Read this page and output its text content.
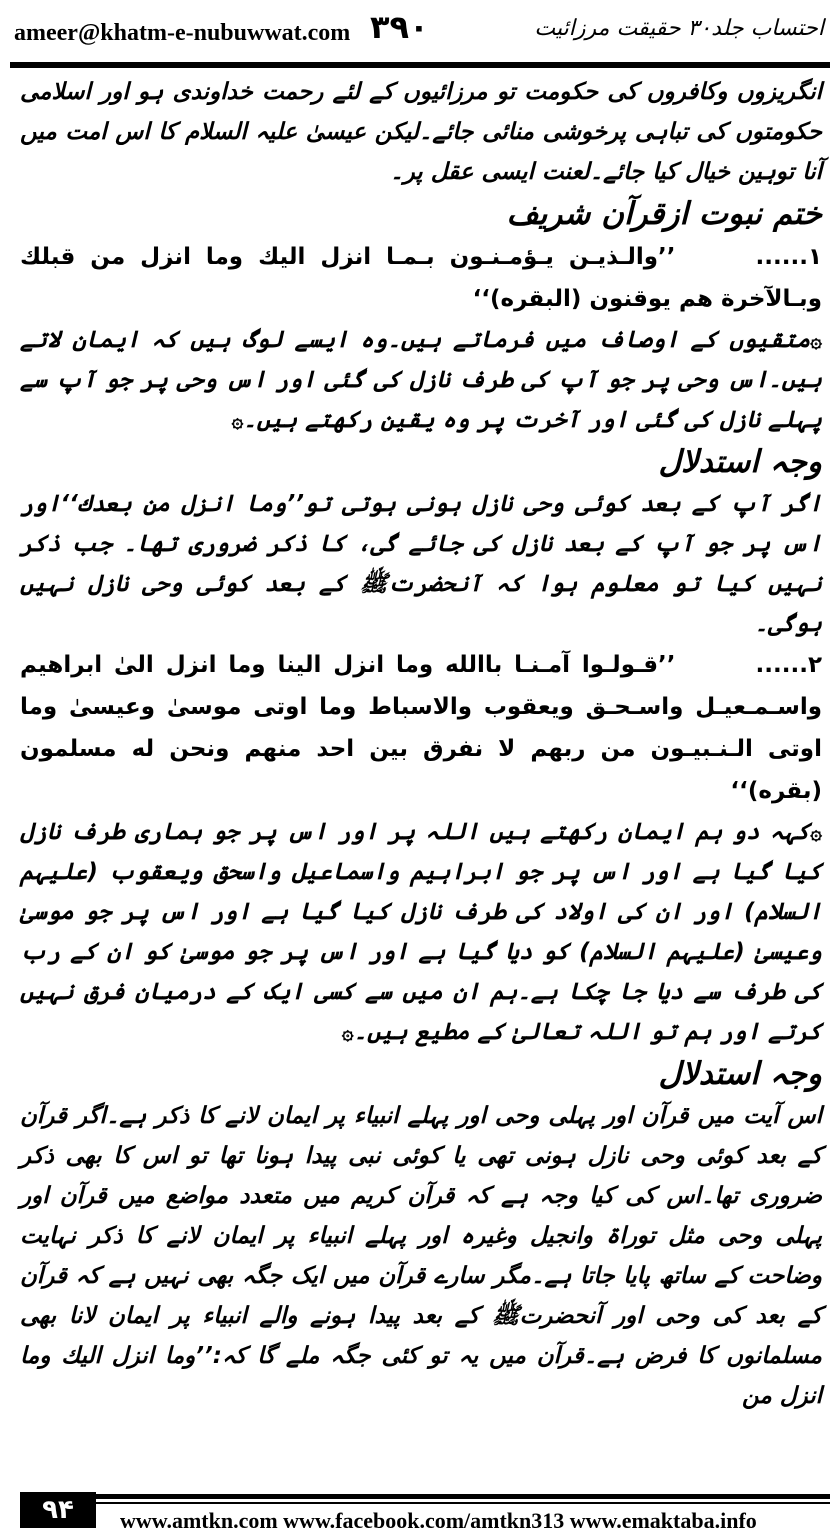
ameer@khatm-e-nubuwwat.com ۳۹۰	احتساب جلد۳۰ حقیقت مرزائیت

انگریزوں وکافروں کی حکومت تو مرزائیوں کے لئے رحمت خداوندی ہو اور اسلامی حکومتوں کی تباہی پرخوشی منائی جائے۔لیکن عیسیٰ علیہ السلام کا اس امت میں آنا توہین خیال کیا جائے۔لعنت ایسی عقل پر۔

ختم نبوت ازقرآن شریف

۱......’’والـذيـن يـؤمـنـون بـمـا انزل اليك وما انزل من قبلك وبـالآخرة هم يوقنون (البقره)‘‘

۞متقیوں کے اوصاف میں فرماتے ہیں۔وہ ایسے لوگ ہیں کہ ایمان لاتے ہیں۔اس وحی پر جو آپ کی طرف نازل کی گئی اور اس وحی پر جو آپ سے پہلے نازل کی گئی اور آخرت پر وہ یقین رکھتے ہیں۔۞

وجہ استدلال

اگر آپ کے بعد کوئی وحی نازل ہونی ہوتی تو’’وما انزل من بعدك‘‘اور اس پر جو آپ کے بعد نازل کی جائے گی، کا ذکر ضروری تھا۔ جب ذکر نہیں کیا تو معلوم ہوا کہ آنحضرتﷺ کے بعد کوئی وحی نازل نہیں ہوگی۔

۲......’’قـولـوا آمـنـا باالله وما انزل الينا وما انزل الىٰ ابراهيم واسـمـعيـل واسـحـق ويعقوب والاسباط وما اوتى موسىٰ وعيسىٰ وما اوتى الـنـبيـون من ربهم لا نفرق بين احد منهم ونحن له مسلمون (بقره)‘‘

۞کہہ دو ہم ایمان رکھتے ہیں اللہ پر اور اس پر جو ہماری طرف نازل کیا گیا ہے اور اس پر جو ابراہیم واسماعیل واسحق ویعقوب (علیہم السلام) اور ان کی اولاد کی طرف نازل کیا گیا ہے اور اس پر جو موسیٰ وعیسیٰ (علیہم السلام) کو دیا گیا ہے اور اس پر جو موسیٰ کو ان کے رب کی طرف سے دیا جا چکا ہے۔ہم ان میں سے کسی ایک کے درمیان فرق نہیں کرتے اور ہم تو اللہ تعالیٰ کے مطیع ہیں۔۞

وجہ استدلال

اس آیت میں قرآن اور پہلی وحی اور پہلے انبیاء پر ایمان لانے کا ذکر ہے۔اگر قرآن کے بعد کوئی وحی نازل ہونی تھی یا کوئی نبی پیدا ہونا تھا تو اس کا بھی ذکر ضروری تھا۔اس کی کیا وجہ ہے کہ قرآن کریم میں متعدد مواضع میں قرآن اور پہلی وحی مثل توراۃ وانجیل وغیرہ اور پہلے انبیاء پر ایمان لانے کا ذکر نہایت وضاحت کے ساتھ پایا جاتا ہے۔مگر سارے قرآن میں ایک جگہ بھی نہیں ہے کہ قرآن کے بعد کی وحی اور آنحضرتﷺ کے بعد پیدا ہونے والے انبیاء پر ایمان لانا بھی مسلمانوں کا فرض ہے۔قرآن میں یہ تو کئی جگہ ملے گا کہ:’’وما انزل اليك وما انزل من

۹۴	www.amtkn.com www.facebook.com/amtkn313 www.emaktaba.info
